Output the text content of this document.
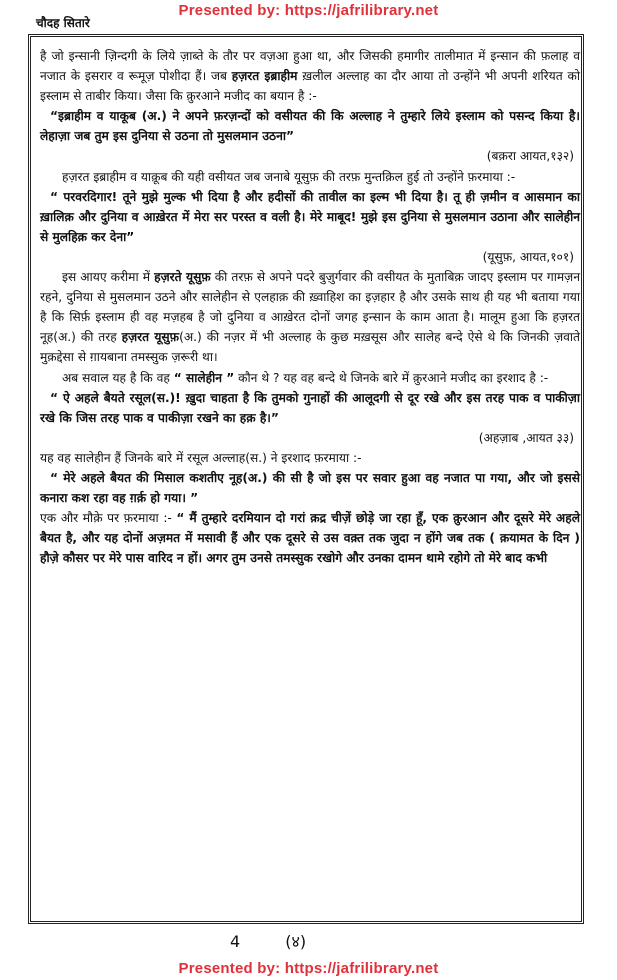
Presented by: https://jafrilibrary.net
चौदह सितारे

है जो इन्सानी ज़िन्दगी के लिये ज़ाब्ते के तौर पर वज़आ हुआ था, और जिसकी हमागीर तालीमात में इन्सान की फ़लाह व नजात के इसरार व रूमूज़ पोशीदा हैं। जब हज़रत इब्राहीम ख़लील अल्लाह का दौर आया तो उन्होंने भी अपनी शरियत को इस्लाम से ताबीर किया। जैसा कि क़ुरआने मजीद का बयान है :-

“इब्राहीम व याकूब (अ.) ने अपने फ़रज़न्दों को वसीयत की कि अल्लाह ने तुम्हारे लिये इस्लाम को पसन्द किया है। लेहाज़ा जब तुम इस दुनिया से उठना तो मुसलमान उठना”

(बक़रा आयत,१३२)

हज़रत इब्राहीम व याक़ूब की यही वसीयत जब जनाबे यूसुफ़ की तरफ़ मुन्तक़िल हुई तो उन्होंने फ़रमाया :-

“ परवरदिगार! तूने मुझे मुल्क भी दिया है और हदीसों की तावील का इल्म भी दिया है। तू ही ज़मीन व आसमान का ख़ालिक़ और दुनिया व आख़ेरत में मेरा सर परस्त व वली है। मेरे माबूद! मुझे इस दुनिया से मुसलमान उठाना और सालेहीन से मुलहिक़ कर देना”

(यूसुफ़, आयत,१०१)

इस आयए करीमा में हज़रते यूसुफ़ की तरफ़ से अपने पदरे बुज़ुर्गवार की वसीयत के मुताबिक़ जादए इस्लाम पर गामज़न रहने, दुनिया से मुसलमान उठने और सालेहीन से एलहाक़ की ख़्वाहिश का इज़हार है और उसके साथ ही यह भी बताया गया है कि सिर्फ़ इस्लाम ही वह मज़हब है जो दुनिया व आख़ेरत दोनों जगह इन्सान के काम आता है। मालूम हुआ कि हज़रत नूह(अ.) की तरह हज़रत यूसुफ़(अ.) की नज़र में भी अल्लाह के कुछ मख़सूस और सालेह बन्दे ऐसे थे कि जिनकी ज़वाते मुक़द्देसा से ग़ायबाना तमस्सुक ज़रूरी था।

अब सवाल यह है कि वह “ सालेहीन ” कौन थे ? यह वह बन्दे थे जिनके बारे में क़ुरआने मजीद का इरशाद है :-

“ ऐ अहले बैयते रसूल(स.)! ख़ुदा चाहता है कि तुमको गुनाहों की आलूदगी से दूर रखे और इस तरह पाक व पाकीज़ा रखे कि जिस तरह पाक व पाकीज़ा रखने का हक़ है।”

(अहज़ाब ,आयत ३३)

यह वह सालेहीन हैं जिनके बारे में रसूल अल्लाह(स.) ने इरशाद फ़रमाया :-

“ मेरे अहले बैयत की मिसाल कशतीए नूह(अ.) की सी है जो इस पर सवार हुआ वह नजात पा गया, और जो इससे कनारा कश रहा वह ग़र्क़ हो गया। ”

एक और मौक़े पर फ़रमाया :- “ मैं तुम्हारे दरमियान दो गरां क़द्र चीज़ें छोड़े जा रहा हूँ, एक क़ुरआन और दूसरे मेरे अहले बैयत है, और यह दोनों अज़मत में मसावी हैं और एक दूसरे से उस वक़्त तक जुदा न होंगे जब तक ( क़यामत के दिन ) हौज़े कौसर पर मेरे पास वारिद न हों। अगर तुम उनसे तमस्सुक रखोगे और उनका दामन थामे रहोगे तो मेरे बाद कभी

4	(४)
Presented by: https://jafrilibrary.net
